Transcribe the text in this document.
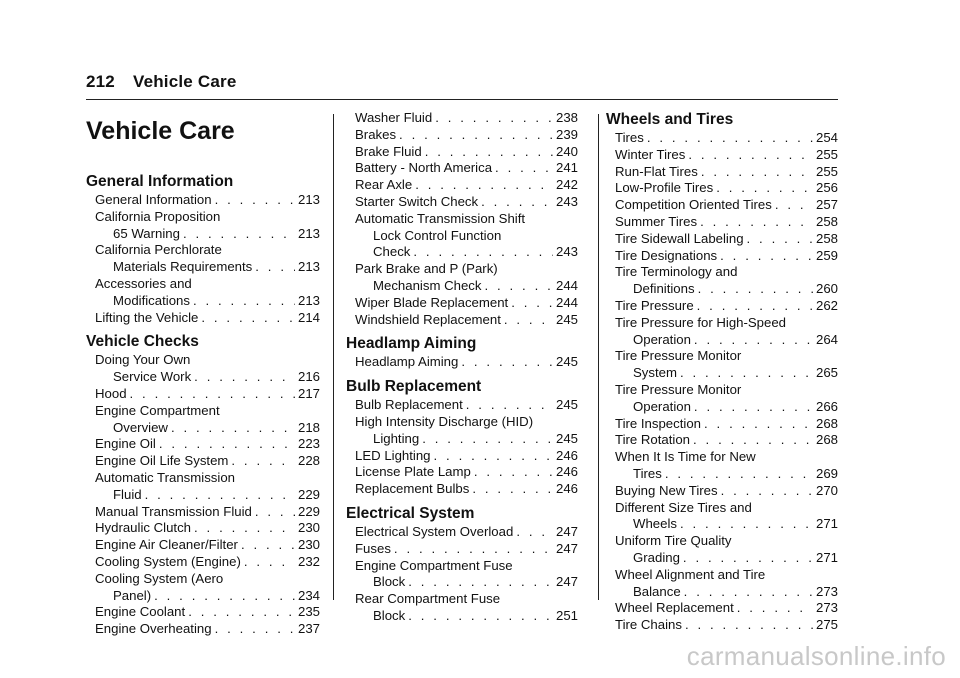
212 Vehicle Care
Vehicle Care
General Information
General Information . . .	213
California Proposition
65 Warning . . .	213
California Perchlorate
Materials Requirements . . .	213
Accessories and
Modifications . . .	213
Lifting the Vehicle . . .	214
Vehicle Checks
Doing Your Own
Service Work . . .	216
Hood . . .	217
Engine Compartment
Overview . . .	218
Engine Oil . . .	223
Engine Oil Life System . . .	228
Automatic Transmission
Fluid . . .	229
Manual Transmission Fluid . . .	229
Hydraulic Clutch . . .	230
Engine Air Cleaner/Filter . . .	230
Cooling System (Engine) . . .	232
Cooling System (Aero
Panel) . . .	234
Engine Coolant . . .	235
Engine Overheating . . .	237
Washer Fluid . . .	238
Brakes . . .	239
Brake Fluid . . .	240
Battery - North America . . .	241
Rear Axle . . .	242
Starter Switch Check . . .	243
Automatic Transmission Shift
Lock Control Function
Check . . .	243
Park Brake and P (Park)
Mechanism Check . . .	244
Wiper Blade Replacement . . .	244
Windshield Replacement . . .	245
Headlamp Aiming
Headlamp Aiming . . .	245
Bulb Replacement
Bulb Replacement . . .	245
High Intensity Discharge (HID)
Lighting . . .	245
LED Lighting . . .	246
License Plate Lamp . . .	246
Replacement Bulbs . . .	246
Electrical System
Electrical System Overload . . .	247
Fuses . . .	247
Engine Compartment Fuse
Block . . .	247
Rear Compartment Fuse
Block . . .	251
Wheels and Tires
Tires . . .	254
Winter Tires . . .	255
Run-Flat Tires . . .	255
Low-Profile Tires . . .	256
Competition Oriented Tires . . .	257
Summer Tires . . .	258
Tire Sidewall Labeling . . .	258
Tire Designations . . .	259
Tire Terminology and
Definitions . . .	260
Tire Pressure . . .	262
Tire Pressure for High-Speed
Operation . . .	264
Tire Pressure Monitor
System . . .	265
Tire Pressure Monitor
Operation . . .	266
Tire Inspection . . .	268
Tire Rotation . . .	268
When It Is Time for New
Tires . . .	269
Buying New Tires . . .	270
Different Size Tires and
Wheels . . .	271
Uniform Tire Quality
Grading . . .	271
Wheel Alignment and Tire
Balance . . .	273
Wheel Replacement . . .	273
Tire Chains . . .	275
carmanualsonline.info
